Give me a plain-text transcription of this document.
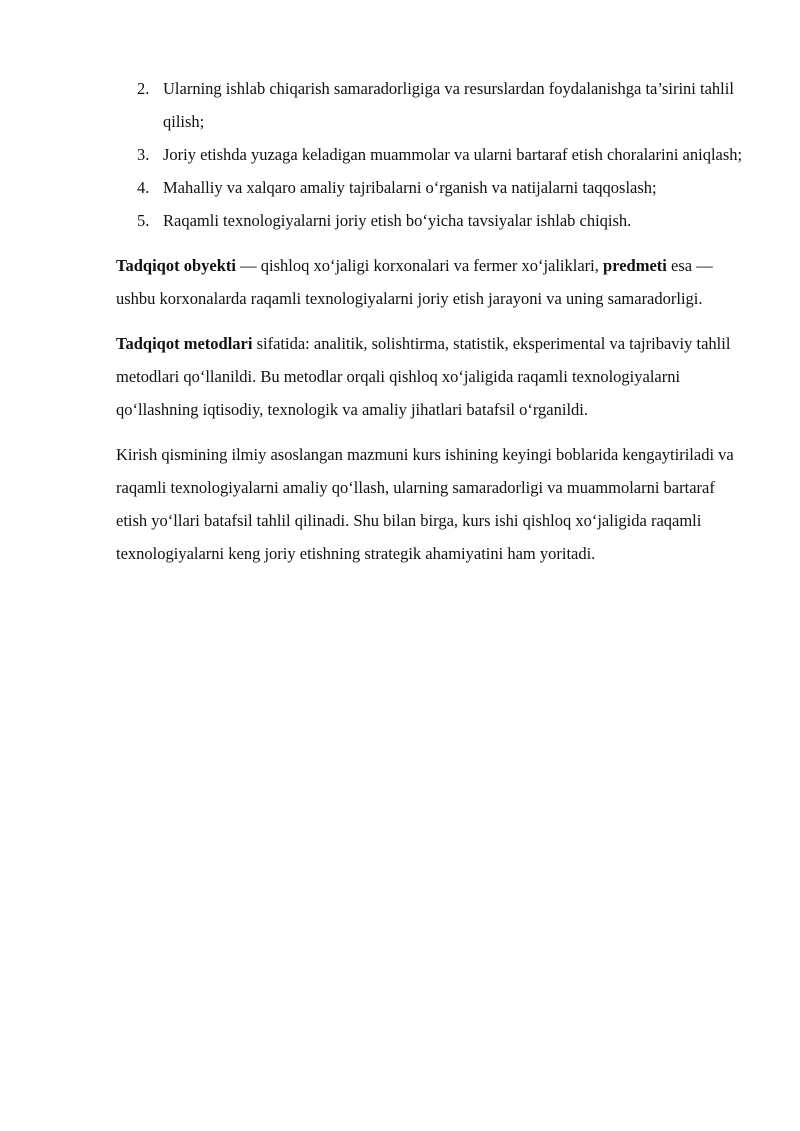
2. Ularning ishlab chiqarish samaradorligiga va resurslardan foydalanishga ta’sirini tahlil qilish;
3. Joriy etishda yuzaga keladigan muammolar va ularni bartaraf etish choralarini aniqlash;
4. Mahalliy va xalqaro amaliy tajribalarni o‘rganish va natijalarni taqqoslash;
5. Raqamli texnologiyalarni joriy etish bo‘yicha tavsiyalar ishlab chiqish.

Tadqiqot obyekti — qishloq xo‘jaligi korxonalari va fermer xo‘jaliklari, predmeti esa — ushbu korxonalarda raqamli texnologiyalarni joriy etish jarayoni va uning samaradorligi.

Tadqiqot metodlari sifatida: analitik, solishtirma, statistik, eksperimental va tajribaviy tahlil metodlari qo‘llanildi. Bu metodlar orqali qishloq xo‘jaligida raqamli texnologiyalarni qo‘llashning iqtisodiy, texnologik va amaliy jihatlari batafsil o‘rganildi.

Kirish qismining ilmiy asoslangan mazmuni kurs ishining keyingi boblarida kengaytiriladi va raqamli texnologiyalarni amaliy qo‘llash, ularning samaradorligi va muammolarni bartaraf etish yo‘llari batafsil tahlil qilinadi. Shu bilan birga, kurs ishi qishloq xo‘jaligida raqamli texnologiyalarni keng joriy etishning strategik ahamiyatini ham yoritadi.
